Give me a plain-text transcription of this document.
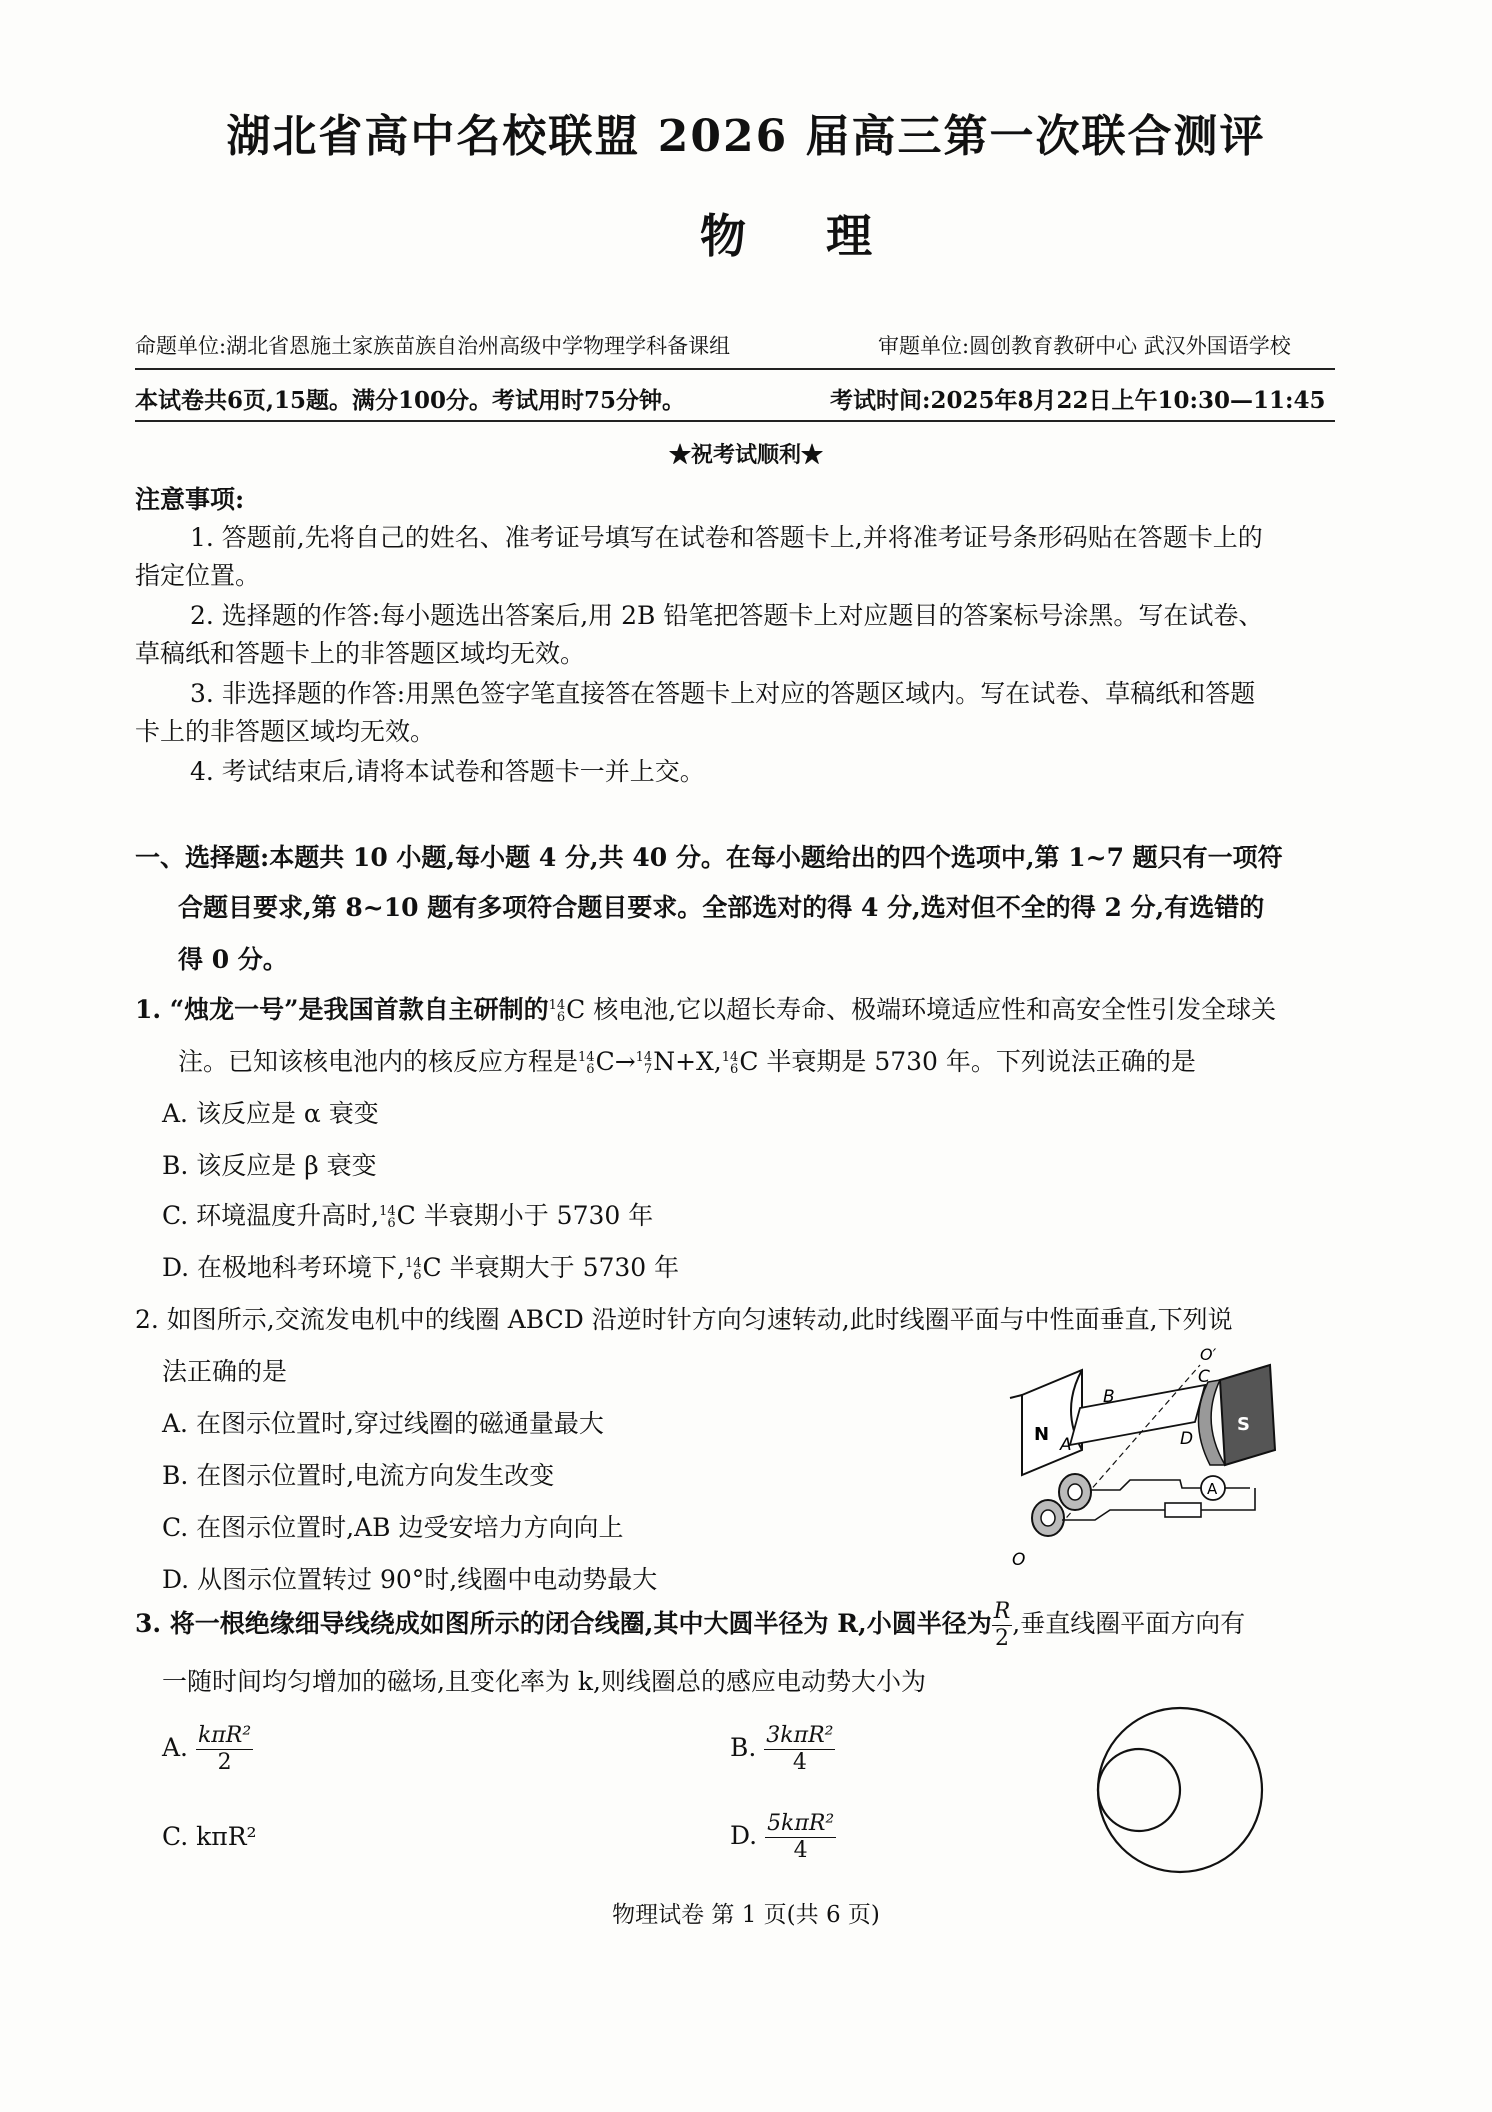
湖北省高中名校联盟 2026 届高三第一次联合测评
物理
命题单位:湖北省恩施土家族苗族自治州高级中学物理学科备课组	审题单位:圆创教育教研中心 武汉外国语学校
本试卷共6页,15题。满分100分。考试用时75分钟。	考试时间:2025年8月22日上午10:30—11:45
★祝考试顺利★
注意事项:
1. 答题前,先将自己的姓名、准考证号填写在试卷和答题卡上,并将准考证号条形码贴在答题卡上的
指定位置。
2. 选择题的作答:每小题选出答案后,用 2B 铅笔把答题卡上对应题目的答案标号涂黑。写在试卷、
草稿纸和答题卡上的非答题区域均无效。
3. 非选择题的作答:用黑色签字笔直接答在答题卡上对应的答题区域内。写在试卷、草稿纸和答题
卡上的非答题区域均无效。
4. 考试结束后,请将本试卷和答题卡一并上交。
一、选择题:本题共 10 小题,每小题 4 分,共 40 分。在每小题给出的四个选项中,第 1~7 题只有一项符
合题目要求,第 8~10 题有多项符合题目要求。全部选对的得 4 分,选对但不全的得 2 分,有选错的
得 0 分。
1. “烛龙一号”是我国首款自主研制的 14
6 C 核电池,它以超长寿命、极端环境适应性和高安全性引发全球关
注。已知该核电池内的核反应方程是 14
6 C→ 14
7 N+X, 14
6 C 半衰期是 5730 年。下列说法正确的是
A. 该反应是 α 衰变
B. 该反应是 β 衰变
C. 环境温度升高时, 14
6 C 半衰期小于 5730 年
D. 在极地科考环境下, 14
6 C 半衰期大于 5730 年
2. 如图所示,交流发电机中的线圈 ABCD 沿逆时针方向匀速转动,此时线圈平面与中性面垂直,下列说
法正确的是
A. 在图示位置时,穿过线圈的磁通量最大
B. 在图示位置时,电流方向发生改变
C. 在图示位置时,AB 边受安培力方向向上
D. 从图示位置转过 90°时,线圈中电动势最大
N	S
B
C
D
A
O′
A
O
3. 将一根绝缘细导线绕成如图所示的闭合线圈,其中大圆半径为 R,小圆半径为 $\frac{R}{2}$ ,垂直线圈平面方向有
一随时间均匀增加的磁场,且变化率为 k,则线圈总的感应电动势大小为
A. $\frac{\text{kπR²}}{2}$	B. $\frac{\text{3kπR²}}{4}$
C. kπR²	D. $\frac{\text{5kπR²}}{4}$
物理试卷 第 1 页(共 6 页)
